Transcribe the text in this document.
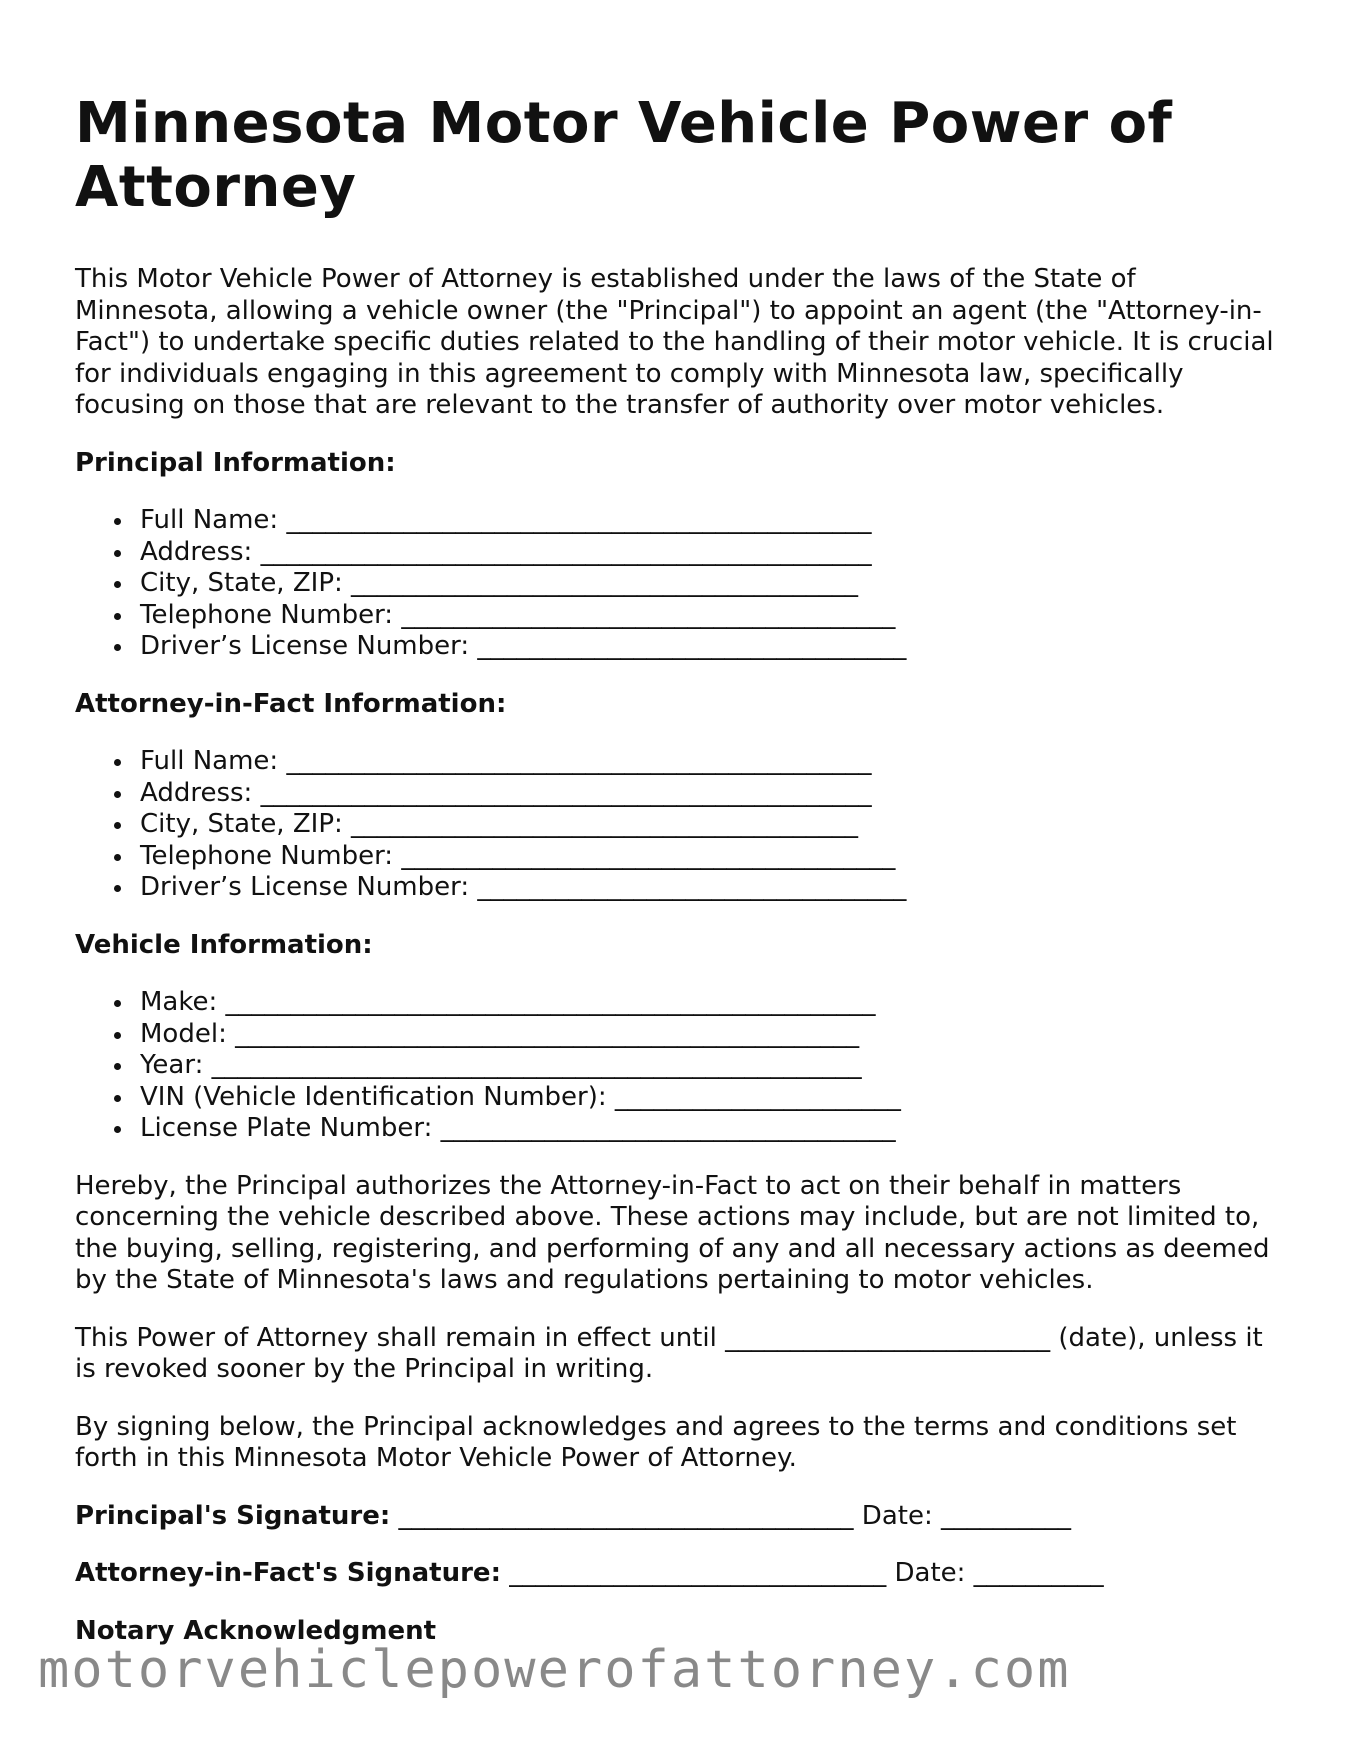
Minnesota Motor Vehicle Power of Attorney

This Motor Vehicle Power of Attorney is established under the laws of the State of Minnesota, allowing a vehicle owner (the "Principal") to appoint an agent (the "Attorney-in-Fact") to undertake specific duties related to the handling of their motor vehicle. It is crucial for individuals engaging in this agreement to comply with Minnesota law, specifically focusing on those that are relevant to the transfer of authority over motor vehicles.

Principal Information:

Full Name: _____________________________________________
Address: _______________________________________________
City, State, ZIP: _______________________________________
Telephone Number: ______________________________________
Driver’s License Number: _________________________________

Attorney-in-Fact Information:

Full Name: _____________________________________________
Address: _______________________________________________
City, State, ZIP: _______________________________________
Telephone Number: ______________________________________
Driver’s License Number: _________________________________

Vehicle Information:

Make: __________________________________________________
Model: ________________________________________________
Year: __________________________________________________
VIN (Vehicle Identification Number): ______________________
License Plate Number: ___________________________________

Hereby, the Principal authorizes the Attorney-in-Fact to act on their behalf in matters concerning the vehicle described above. These actions may include, but are not limited to, the buying, selling, registering, and performing of any and all necessary actions as deemed by the State of Minnesota's laws and regulations pertaining to motor vehicles.

This Power of Attorney shall remain in effect until _________________________ (date), unless it is revoked sooner by the Principal in writing.

By signing below, the Principal acknowledges and agrees to the terms and conditions set forth in this Minnesota Motor Vehicle Power of Attorney.

Principal's Signature: ___________________________________ Date: __________

Attorney-in-Fact's Signature: _____________________________ Date: __________

Notary Acknowledgment

motorvehiclepowerofattorney.com
